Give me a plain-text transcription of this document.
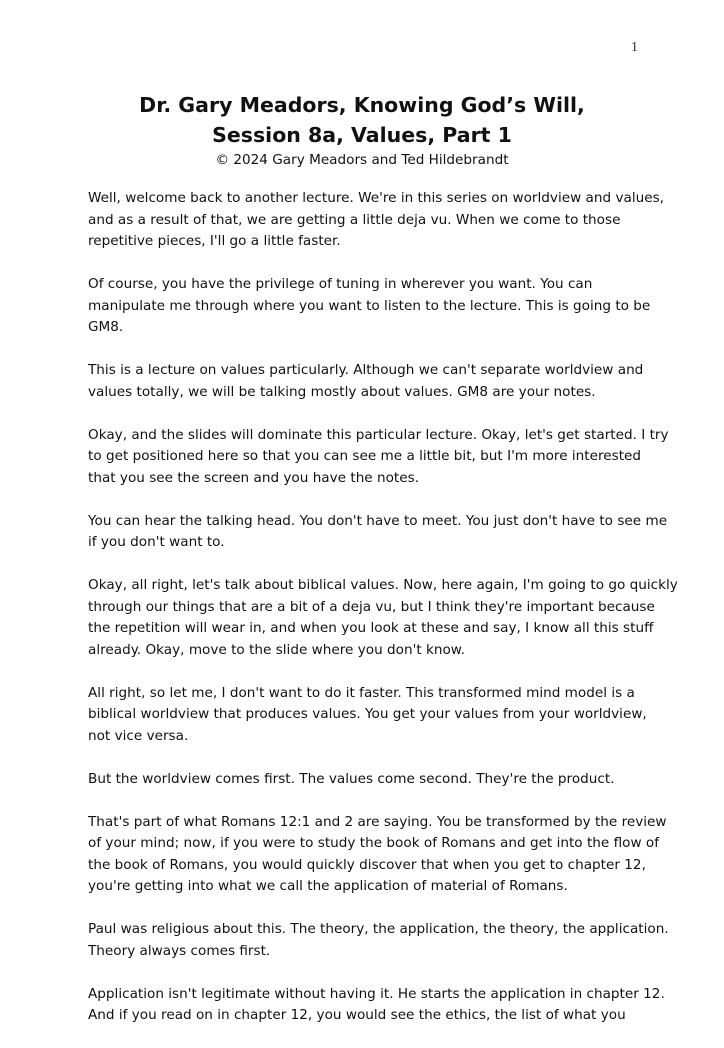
1
Dr. Gary Meadors, Knowing God’s Will,
Session 8a, Values, Part 1
© 2024 Gary Meadors and Ted Hildebrandt

Well, welcome back to another lecture. We're in this series on worldview and values,
and as a result of that, we are getting a little deja vu. When we come to those
repetitive pieces, I'll go a little faster.

Of course, you have the privilege of tuning in wherever you want. You can
manipulate me through where you want to listen to the lecture. This is going to be
GM8.

This is a lecture on values particularly. Although we can't separate worldview and
values totally, we will be talking mostly about values. GM8 are your notes.

Okay, and the slides will dominate this particular lecture. Okay, let's get started. I try
to get positioned here so that you can see me a little bit, but I'm more interested
that you see the screen and you have the notes.

You can hear the talking head. You don't have to meet. You just don't have to see me
if you don't want to.

Okay, all right, let's talk about biblical values. Now, here again, I'm going to go quickly
through our things that are a bit of a deja vu, but I think they're important because
the repetition will wear in, and when you look at these and say, I know all this stuff
already. Okay, move to the slide where you don't know.

All right, so let me, I don't want to do it faster. This transformed mind model is a
biblical worldview that produces values. You get your values from your worldview,
not vice versa.

But the worldview comes first. The values come second. They're the product.

That's part of what Romans 12:1 and 2 are saying. You be transformed by the review
of your mind; now, if you were to study the book of Romans and get into the flow of
the book of Romans, you would quickly discover that when you get to chapter 12,
you're getting into what we call the application of material of Romans.

Paul was religious about this. The theory, the application, the theory, the application.
Theory always comes first.

Application isn't legitimate without having it. He starts the application in chapter 12.
And if you read on in chapter 12, you would see the ethics, the list of what you
